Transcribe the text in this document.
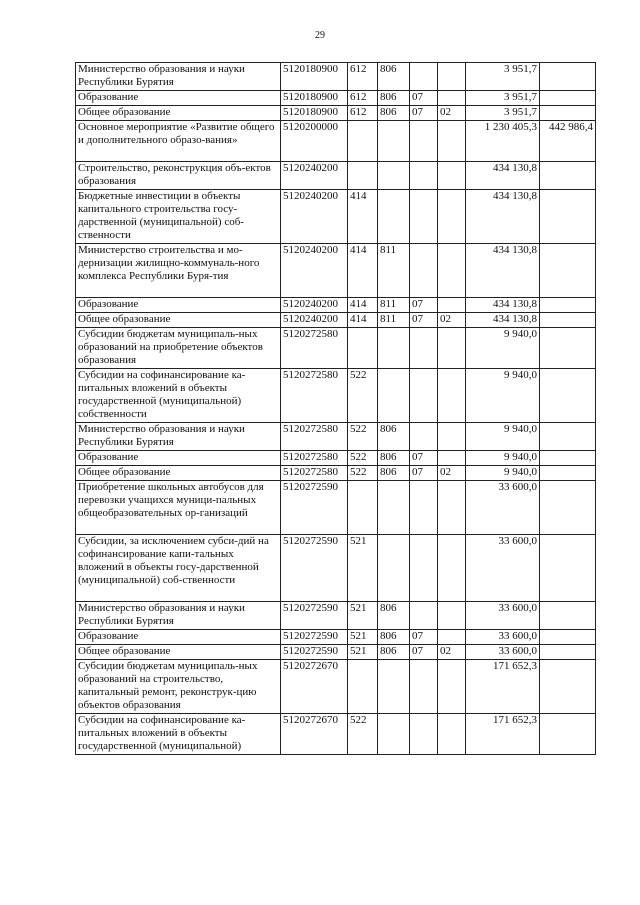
29
Министерство образования и науки Республики Бурятия	5120180900	612	806			3 951,7	
Образование	5120180900	612	806	07		3 951,7	
Общее образование	5120180900	612	806	07	02	3 951,7	
Основное мероприятие «Развитие общего и дополнительного образо-вания»	5120200000					1 230 405,3	442 986,4
Строительство, реконструкция объ-ектов образования	5120240200					434 130,8	
Бюджетные инвестиции в объекты капитального строительства госу-дарственной (муниципальной) соб-ственности	5120240200	414				434 130,8	
Министерство строительства и мо-дернизации жилищно-коммуналь-ного комплекса Республики Буря-тия	5120240200	414	811			434 130,8	
Образование	5120240200	414	811	07		434 130,8	
Общее образование	5120240200	414	811	07	02	434 130,8	
Субсидии бюджетам муниципаль-ных образований на приобретение объектов образования	5120272580					9 940,0	
Субсидии на софинансирование ка-питальных вложений в объекты государственной (муниципальной) собственности	5120272580	522				9 940,0	
Министерство образования и науки Республики Бурятия	5120272580	522	806			9 940,0	
Образование	5120272580	522	806	07		9 940,0	
Общее образование	5120272580	522	806	07	02	9 940,0	
Приобретение школьных автобусов для перевозки учащихся муници-пальных общеобразовательных ор-ганизаций	5120272590					33 600,0	
Субсидии, за исключением субси-дий на софинансирование капи-тальных вложений в объекты госу-дарственной (муниципальной) соб-ственности	5120272590	521				33 600,0	
Министерство образования и науки Республики Бурятия	5120272590	521	806			33 600,0	
Образование	5120272590	521	806	07		33 600,0	
Общее образование	5120272590	521	806	07	02	33 600,0	
Субсидии бюджетам муниципаль-ных образований на строительство, капитальный ремонт, реконструк-цию объектов образования	5120272670					171 652,3	
Субсидии на софинансирование ка-питальных вложений в объекты государственной (муниципальной)	5120272670	522				171 652,3	
